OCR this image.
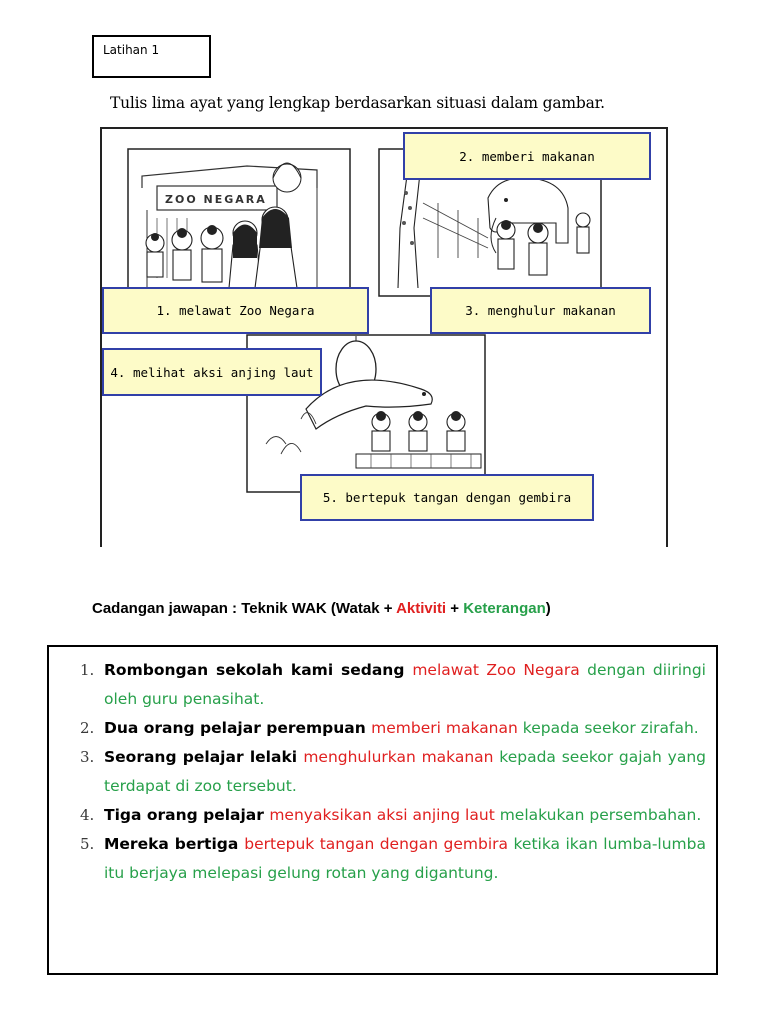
Latihan 1
Tulis lima ayat yang lengkap berdasarkan situasi dalam gambar.
ZOO NEGARA
1. melawat Zoo Negara
2. memberi makanan
3. menghulur makanan
4. melihat aksi anjing laut
5. bertepuk tangan dengan gembira
Cadangan jawapan : Teknik WAK (Watak + Aktiviti + Keterangan)
1. Rombongan sekolah kami sedang melawat Zoo Negara dengan diiringi oleh guru penasihat.
2. Dua orang pelajar perempuan memberi makanan kepada seekor zirafah.
3. Seorang pelajar lelaki menghulurkan makanan kepada seekor gajah yang terdapat di zoo tersebut.
4. Tiga orang pelajar menyaksikan aksi anjing laut melakukan persembahan.
5. Mereka bertiga bertepuk tangan dengan gembira ketika ikan lumba-lumba itu berjaya melepasi gelung rotan yang digantung.
